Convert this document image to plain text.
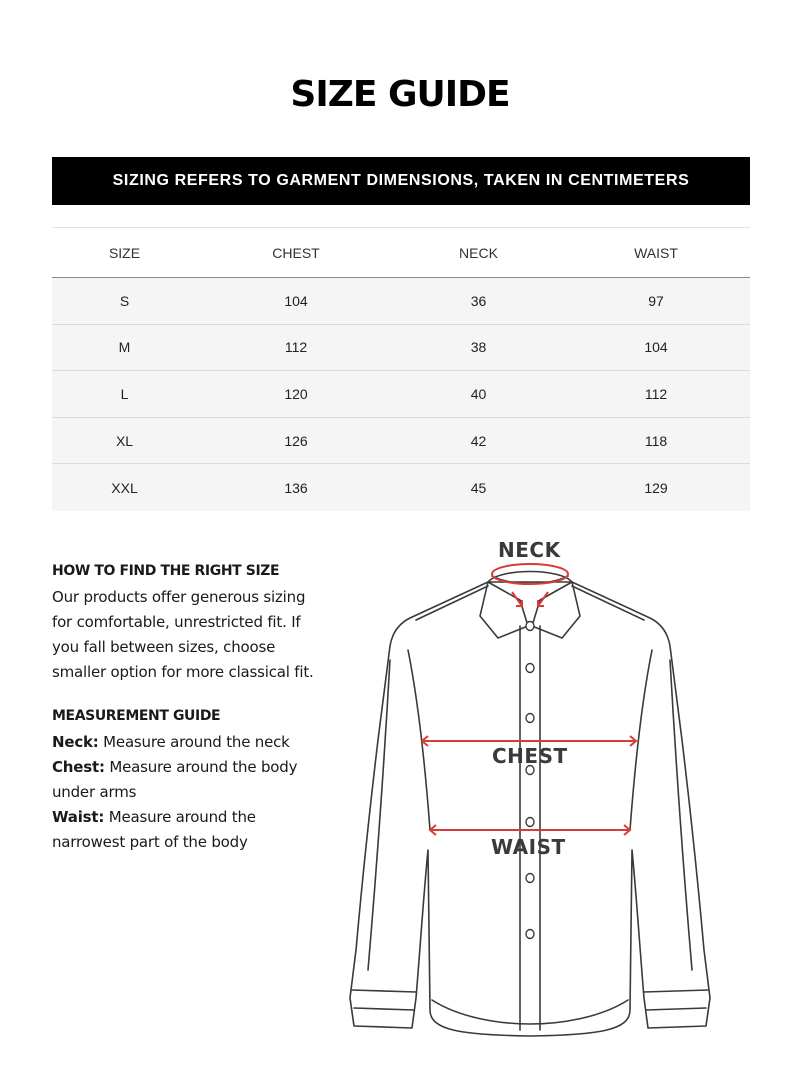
SIZE GUIDE
SIZING REFERS TO GARMENT DIMENSIONS, TAKEN IN CENTIMETERS
SIZE	CHEST	NECK	WAIST
S	104	36	97
M	112	38	104
L	120	40	112
XL	126	42	118
XXL	136	45	129
HOW TO FIND THE RIGHT SIZE

Our products offer generous sizing for comfortable, unrestricted fit. If you fall between sizes, choose smaller option for more classical fit.

MEASUREMENT GUIDE

Neck: Measure around the neck

Chest: Measure around the body under arms

Waist: Measure around the narrowest part of the body

NECK
CHEST
WAIST
